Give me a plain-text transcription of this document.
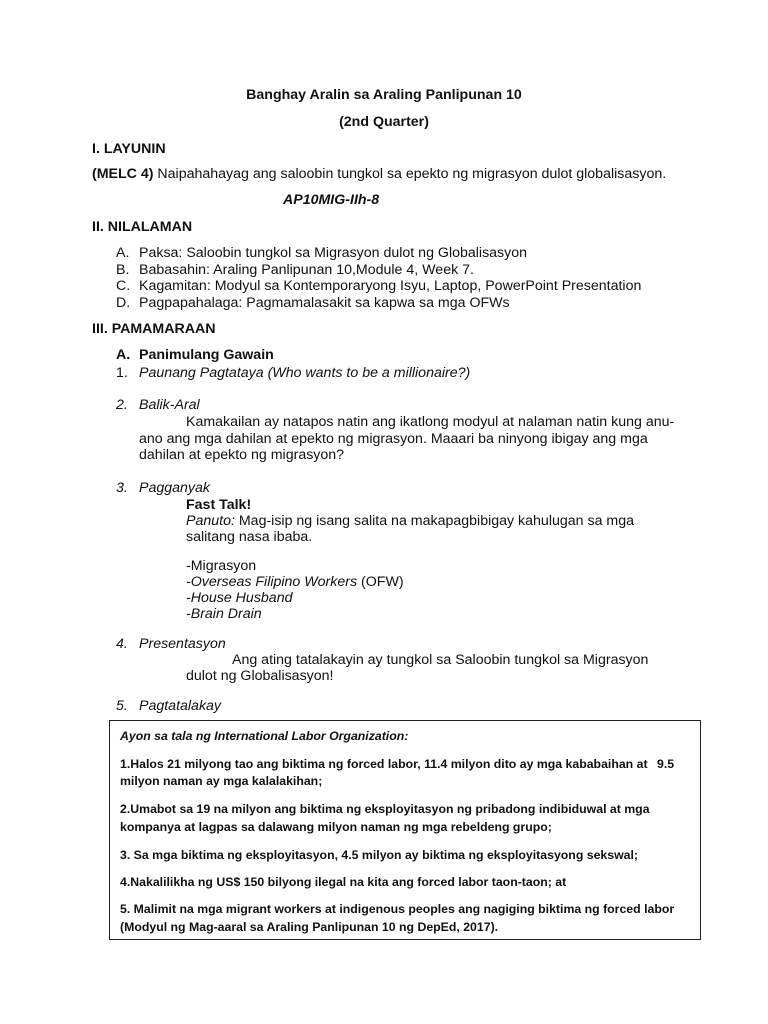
Banghay Aralin sa Araling Panlipunan 10
(2nd Quarter)
I. LAYUNIN
(MELC 4) Naipahahayag ang saloobin tungkol sa epekto ng migrasyon dulot globalisasyon.
AP10MIG-IIh-8
II. NILALAMAN
A. Paksa: Saloobin tungkol sa Migrasyon dulot ng Globalisasyon
B. Babasahin: Araling Panlipunan 10,Module 4, Week 7.
C. Kagamitan: Modyul sa Kontemporaryong Isyu, Laptop, PowerPoint Presentation
D. Pagpapahalaga: Pagmamalasakit sa kapwa sa mga OFWs
III. PAMAMARAAN
A. Panimulang Gawain
1. Paunang Pagtataya (Who wants to be a millionaire?)
2. Balik-Aral
Kamakailan ay natapos natin ang ikatlong modyul at nalaman natin kung anu-
ano ang mga dahilan at epekto ng migrasyon. Maaari ba ninyong ibigay ang mga
dahilan at epekto ng migrasyon?
3. Pagganyak
Fast Talk!
Panuto: Mag-isip ng isang salita na makapagbibigay kahulugan sa mga
salitang nasa ibaba.
-Migrasyon
-Overseas Filipino Workers (OFW)
-House Husband
-Brain Drain
4. Presentasyon
Ang ating tatalakayin ay tungkol sa Saloobin tungkol sa Migrasyon
dulot ng Globalisasyon!
5. Pagtatalakay
Ayon sa tala ng International Labor Organization:
1.Halos 21 milyong tao ang biktima ng forced labor, 11.4 milyon dito ay mga kababaihan at 9.5
milyon naman ay mga kalalakihan;
2.Umabot sa 19 na milyon ang biktima ng eksployitasyon ng pribadong indibiduwal at mga
kompanya at lagpas sa dalawang milyon naman ng mga rebeldeng grupo;
3. Sa mga biktima ng eksployitasyon, 4.5 milyon ay biktima ng eksployitasyong sekswal;
4.Nakalilikha ng US$ 150 bilyong ilegal na kita ang forced labor taon-taon; at
5. Malimit na mga migrant workers at indigenous peoples ang nagiging biktima ng forced labor
(Modyul ng Mag-aaral sa Araling Panlipunan 10 ng DepEd, 2017).
